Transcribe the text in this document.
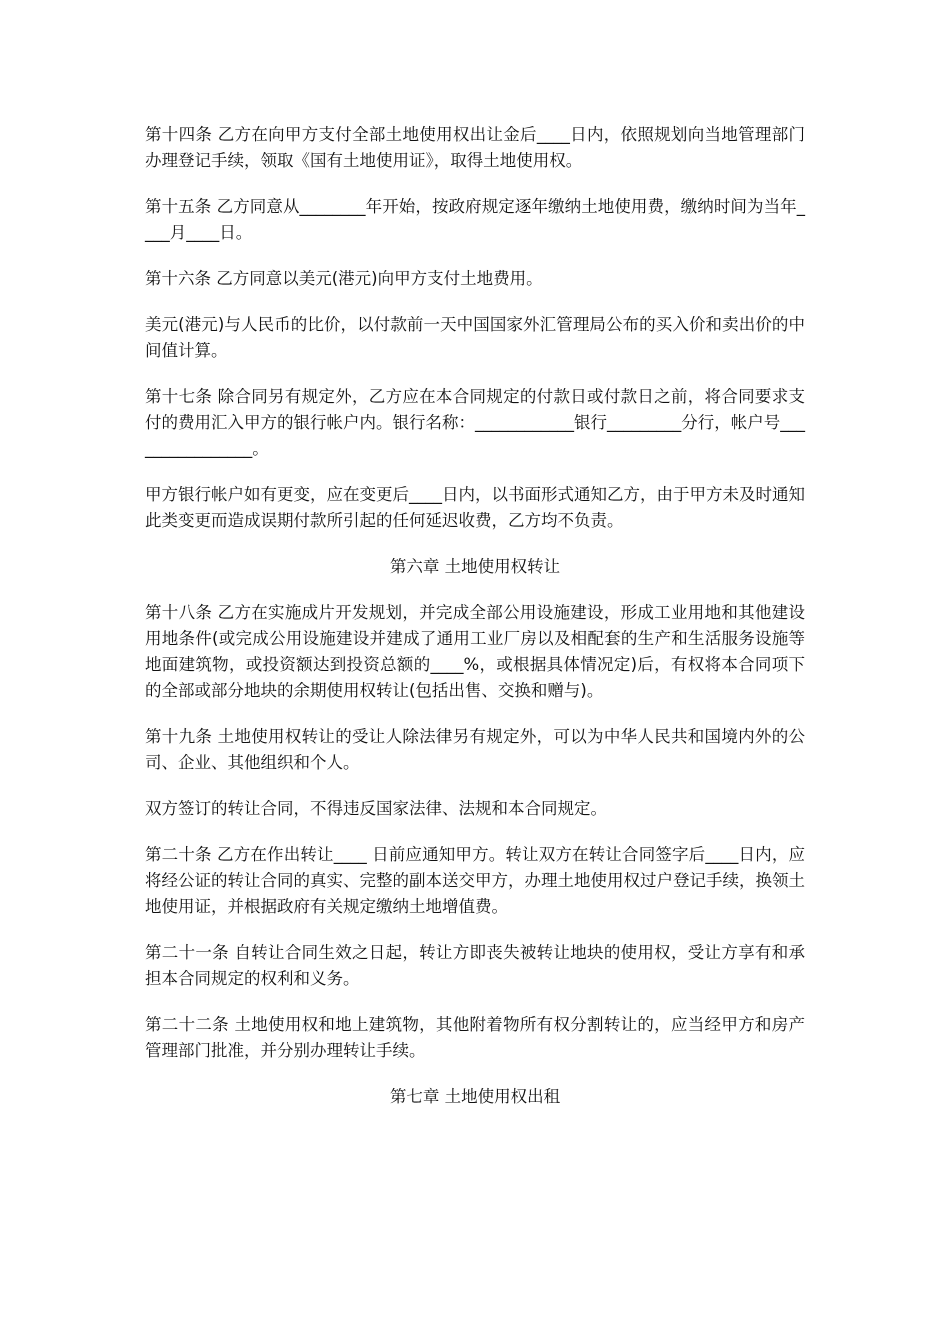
第十四条 乙方在向甲方支付全部土地使用权出让金后____日内，依照规划向当地管理部门办理登记手续，领取《国有土地使用证》，取得土地使用权。

第十五条 乙方同意从________年开始，按政府规定逐年缴纳土地使用费，缴纳时间为当年____月____日。

第十六条 乙方同意以美元(港元)向甲方支付土地费用。

美元(港元)与人民币的比价，以付款前一天中国国家外汇管理局公布的买入价和卖出价的中间值计算。

第十七条 除合同另有规定外，乙方应在本合同规定的付款日或付款日之前，将合同要求支付的费用汇入甲方的银行帐户内。银行名称：____________银行_________分行，帐户号________________。

甲方银行帐户如有更变，应在变更后____日内，以书面形式通知乙方，由于甲方未及时通知此类变更而造成误期付款所引起的任何延迟收费，乙方均不负责。

第六章 土地使用权转让

第十八条 乙方在实施成片开发规划，并完成全部公用设施建设，形成工业用地和其他建设用地条件(或完成公用设施建设并建成了通用工业厂房以及相配套的生产和生活服务设施等地面建筑物，或投资额达到投资总额的____%，或根据具体情况定)后，有权将本合同项下的全部或部分地块的余期使用权转让(包括出售、交换和赠与)。

第十九条 土地使用权转让的受让人除法律另有规定外，可以为中华人民共和国境内外的公司、企业、其他组织和个人。

双方签订的转让合同，不得违反国家法律、法规和本合同规定。

第二十条 乙方在作出转让____ 日前应通知甲方。转让双方在转让合同签字后____日内，应将经公证的转让合同的真实、完整的副本送交甲方，办理土地使用权过户登记手续，换领土地使用证，并根据政府有关规定缴纳土地增值费。

第二十一条 自转让合同生效之日起，转让方即丧失被转让地块的使用权，受让方享有和承担本合同规定的权利和义务。

第二十二条 土地使用权和地上建筑物，其他附着物所有权分割转让的，应当经甲方和房产管理部门批准，并分别办理转让手续。

第七章 土地使用权出租
